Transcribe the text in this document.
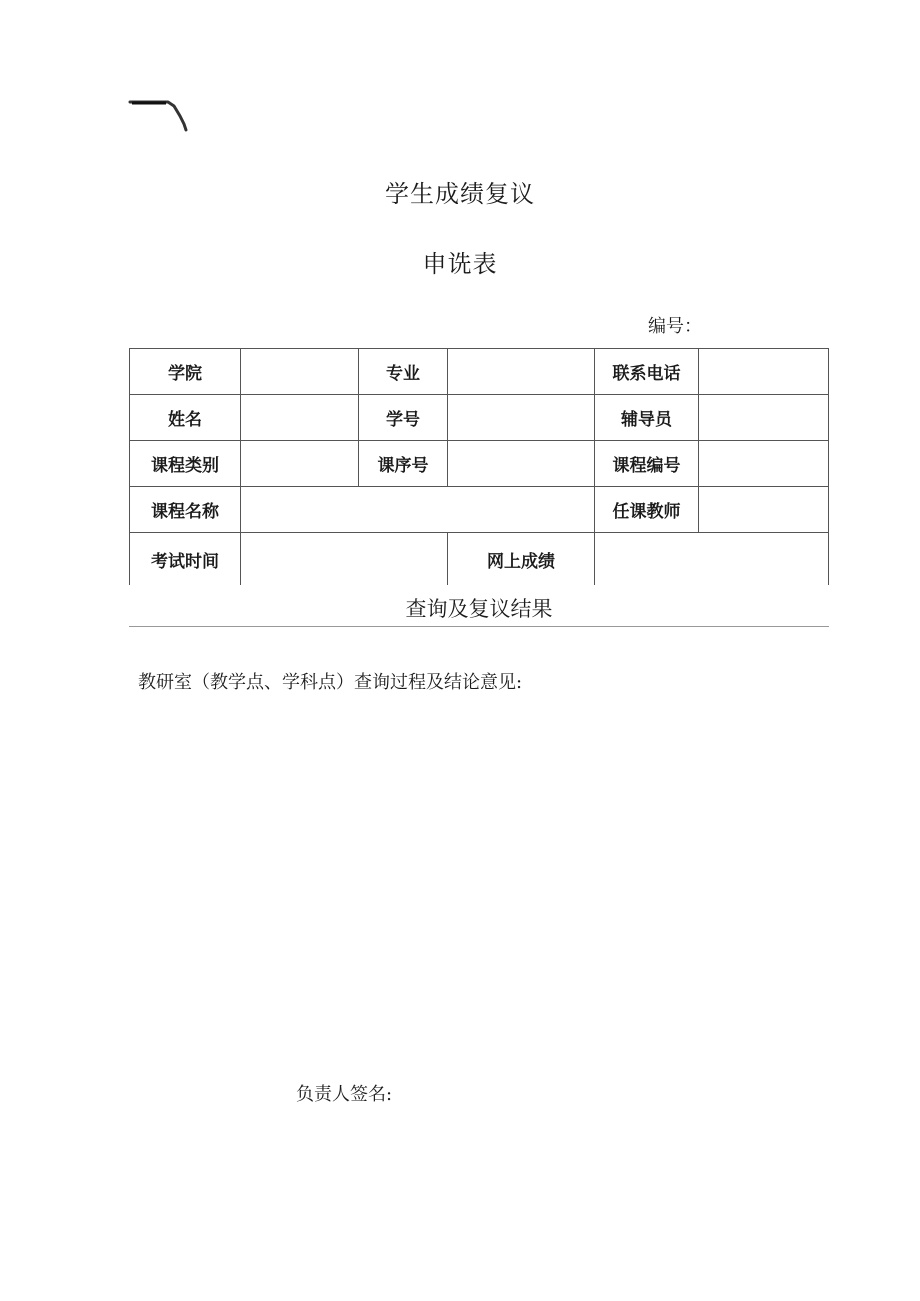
学生成绩复议
申诜表
编号：
学院		专业		联系电话	
姓名		学号		辅导员	
课程类别		课序号		课程编号	
课程名称				任课教师	
考试时间			网上成绩		
查询及复议结果
教研室（教学点、学科点）查询过程及结论意见:
负责人签名:
